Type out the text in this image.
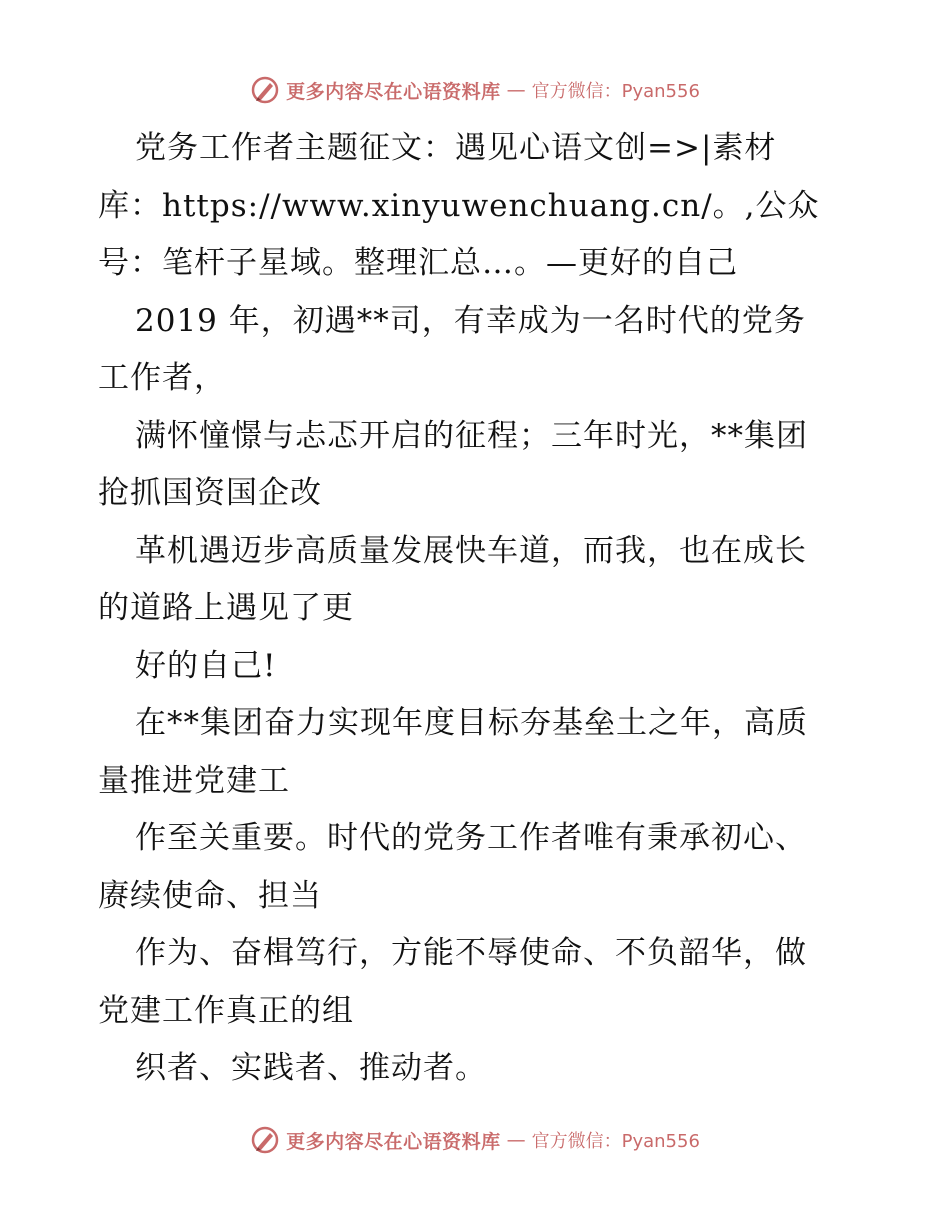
更多内容尽在心语资料库 — 官方微信：Pyan556
党务工作者主题征文：遇见心语文创=>|素材
库：https://www.xinyuwenchuang.cn/。,公众
号：笔杆子星域。整理汇总…。—更好的自己
2019 年，初遇**司，有幸成为一名时代的党务
工作者，
满怀憧憬与忐忑开启的征程；三年时光，**集团
抢抓国资国企改
革机遇迈步高质量发展快车道，而我，也在成长
的道路上遇见了更
好的自己!
在**集团奋力实现年度目标夯基垒土之年，高质
量推进党建工
作至关重要。时代的党务工作者唯有秉承初心、
赓续使命、担当
作为、奋楫笃行，方能不辱使命、不负韶华，做
党建工作真正的组
织者、实践者、推动者。
更多内容尽在心语资料库 — 官方微信：Pyan556
